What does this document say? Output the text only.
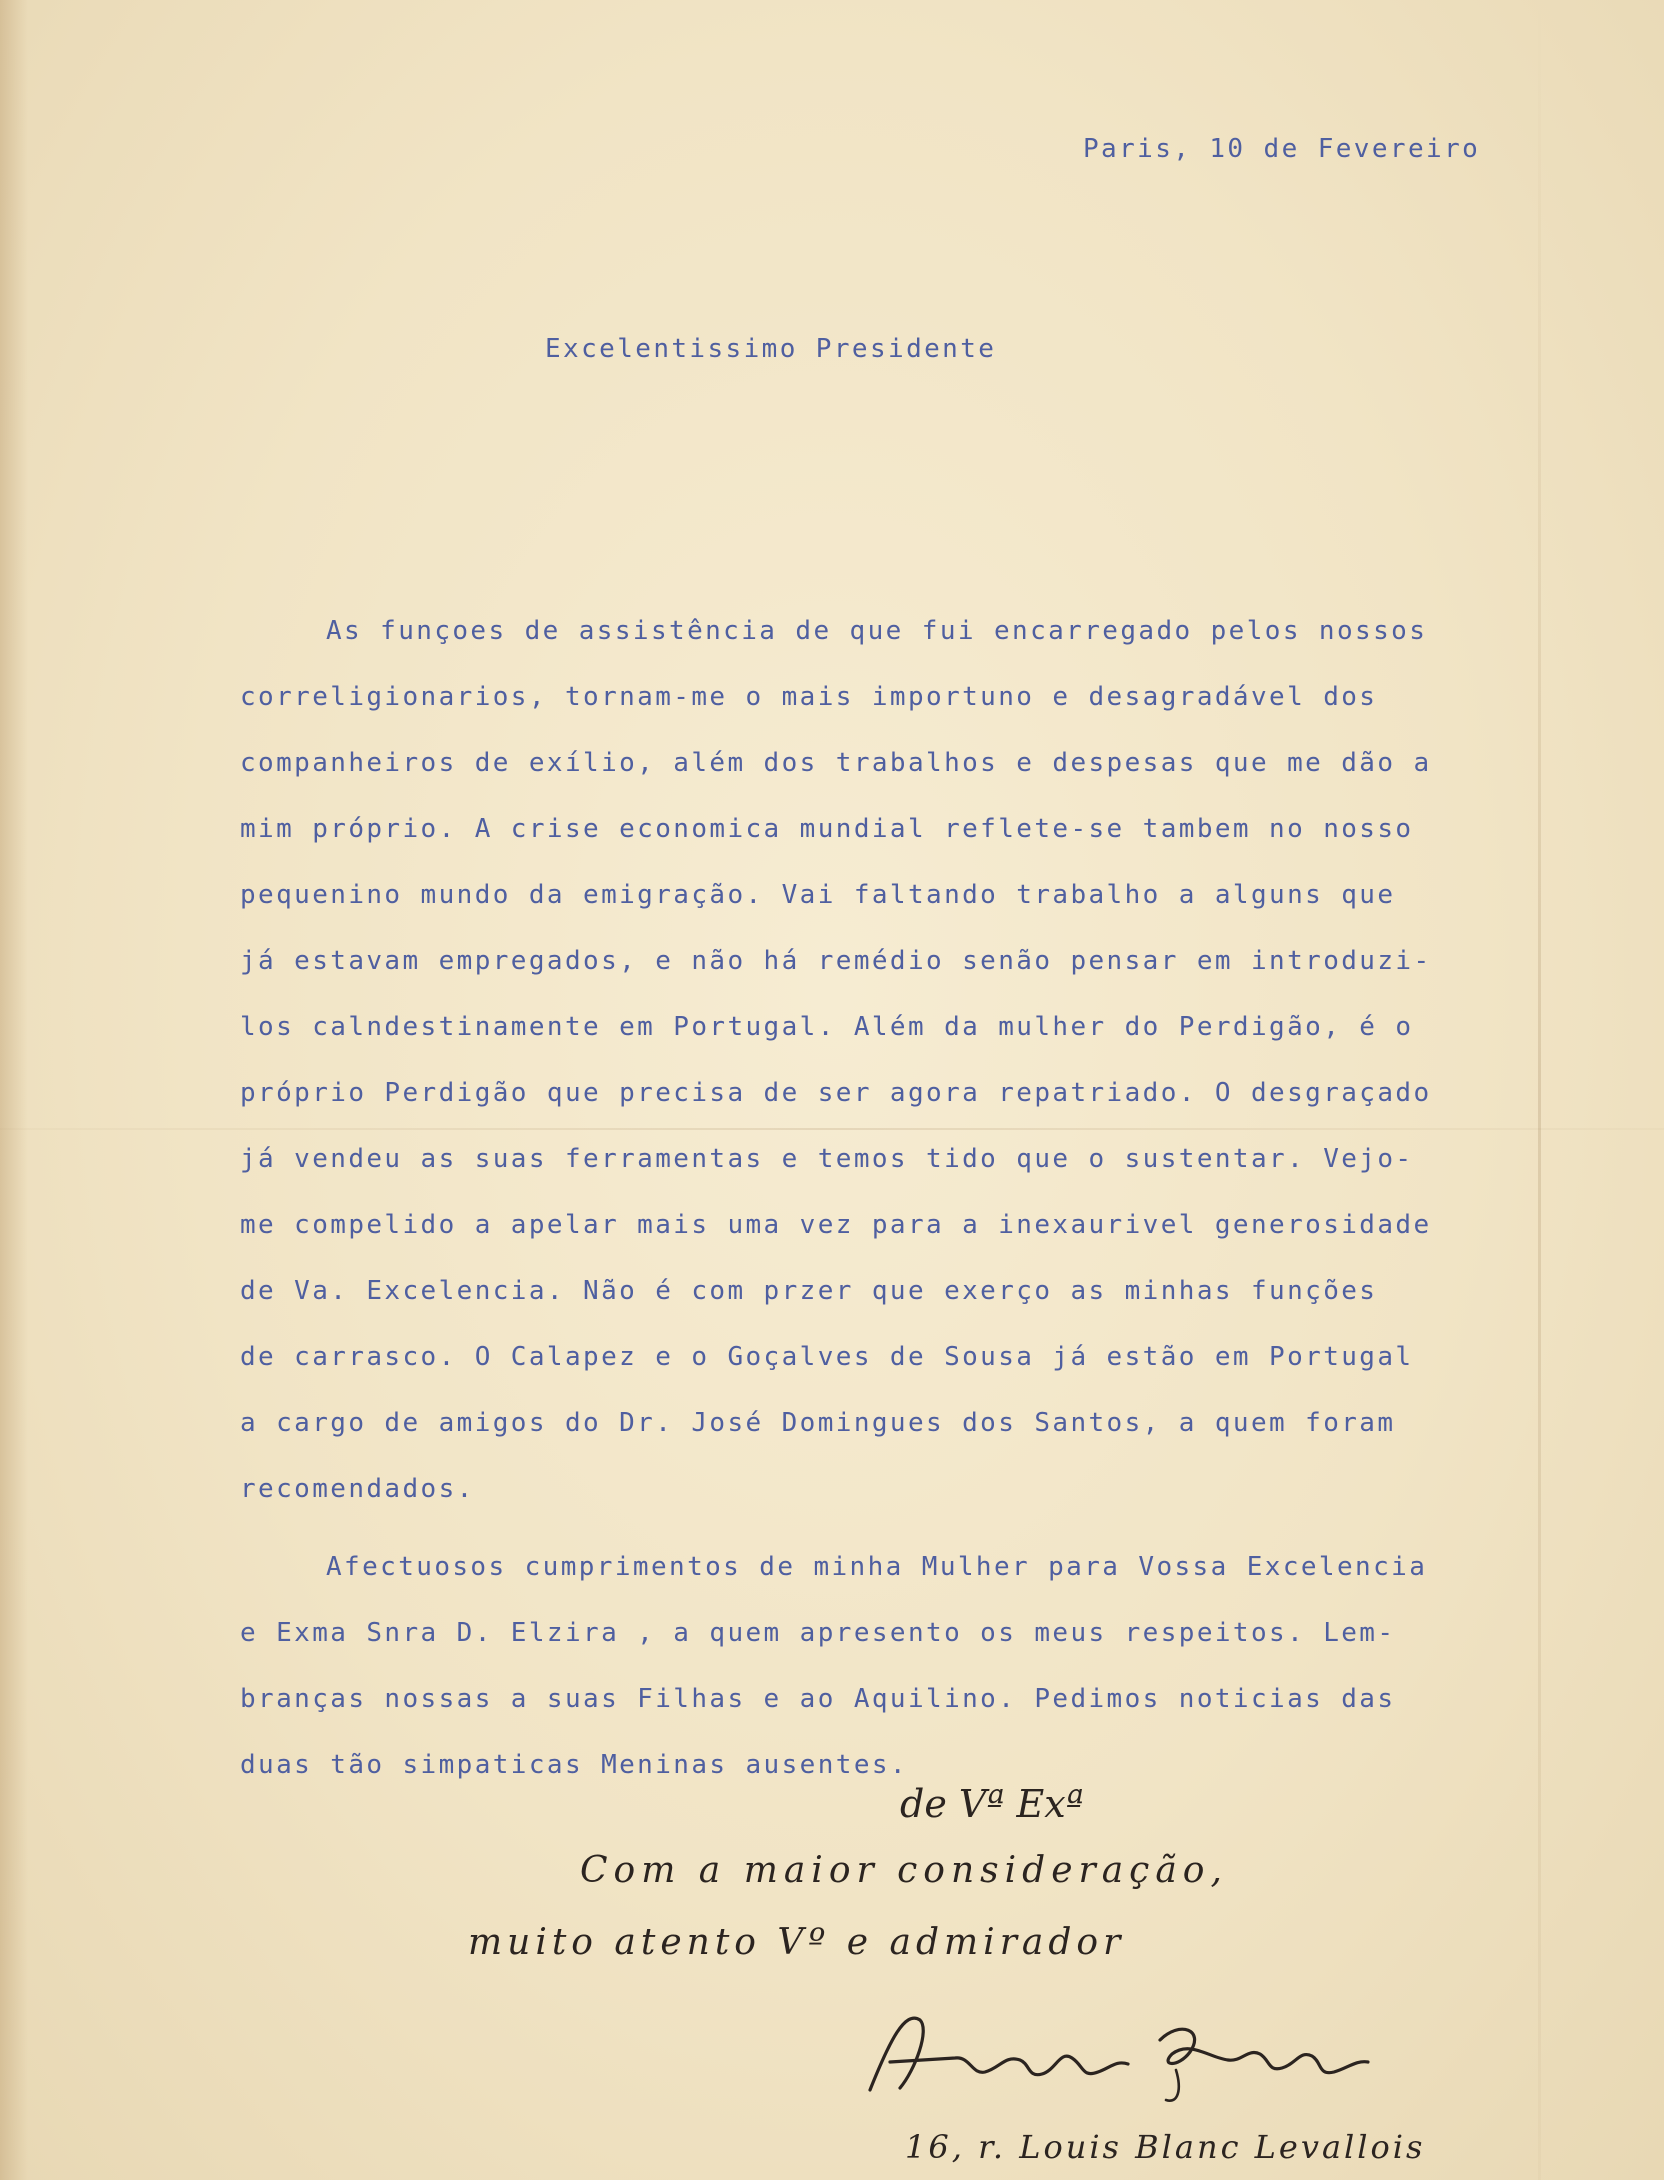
Paris, 10 de Fevereiro

Excelentissimo Presidente

As funçoes de assistência de que fui encarregado pelos nossos
correligionarios, tornam-me o mais importuno e desagradável dos
companheiros de exílio, além dos trabalhos e despesas que me dão a
mim próprio. A crise economica mundial reflete-se tambem no nosso
pequenino mundo da emigração. Vai faltando trabalho a alguns que
já estavam empregados, e não há remédio senão pensar em introduzi-
los calndestinamente em Portugal. Além da mulher do Perdigão, é o
próprio Perdigão que precisa de ser agora repatriado. O desgraçado
já vendeu as suas ferramentas e temos tido que o sustentar. Vejo-
me compelido a apelar mais uma vez para a inexaurivel generosidade
de Va. Excelencia. Não é com przer que exerço as minhas funções
de carrasco. O Calapez e o Goçalves de Sousa já estão em Portugal
a cargo de amigos do Dr. José Domingues dos Santos, a quem foram
recomendados.
Afectuosos cumprimentos de minha Mulher para Vossa Excelencia
e Exma Snra D. Elzira , a quem apresento os meus respeitos. Lem-
branças nossas a suas Filhas e ao Aquilino. Pedimos noticias das
duas tão simpaticas Meninas ausentes.

de Vª Exª

Com a maior consideração,

muito atento Vº e admirador

16, r. Louis Blanc Levallois
